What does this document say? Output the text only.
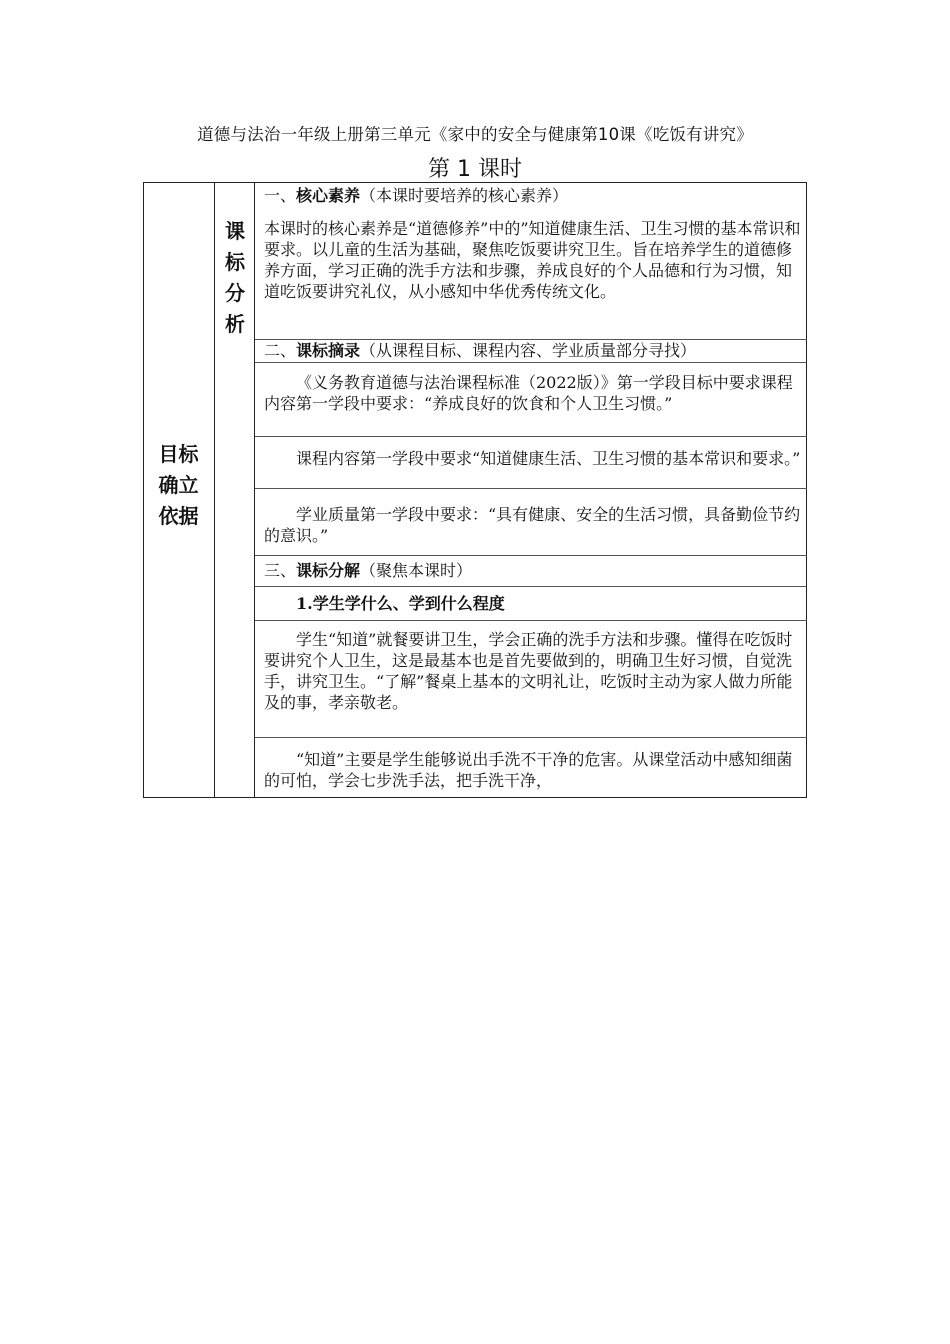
道德与法治一年级上册第三单元《家中的安全与健康第10课《吃饭有讲究》
第 1 课时
目标确立依据
课标分析
一、核心素养（本课时要培养的核心素养）

本课时的核心素养是“道德修养”中的”知道健康生活、卫生习惯的基本常识和要求。以儿童的生活为基础，聚焦吃饭要讲究卫生。旨在培养学生的道德修养方面，学习正确的洗手方法和步骤，养成良好的个人品德和行为习惯，知道吃饭要讲究礼仪，从小感知中华优秀传统文化。

二、课标摘录（从课程目标、课程内容、学业质量部分寻找）

《义务教育道德与法治课程标准（2022版）》第一学段目标中要求课程内容第一学段中要求：“养成良好的饮食和个人卫生习惯。”

课程内容第一学段中要求“知道健康生活、卫生习惯的基本常识和要求。”

学业质量第一学段中要求：“具有健康、安全的生活习惯，具备勤俭节约的意识。”

三、课标分解（聚焦本课时）
1.学生学什么、学到什么程度

学生“知道”就餐要讲卫生，学会正确的洗手方法和步骤。懂得在吃饭时要讲究个人卫生，这是最基本也是首先要做到的，明确卫生好习惯，自觉洗手，讲究卫生。“了解”餐桌上基本的文明礼让，吃饭时主动为家人做力所能及的事，孝亲敬老。

“知道”主要是学生能够说出手洗不干净的危害。从课堂活动中感知细菌的可怕，学会七步洗手法，把手洗干净，
